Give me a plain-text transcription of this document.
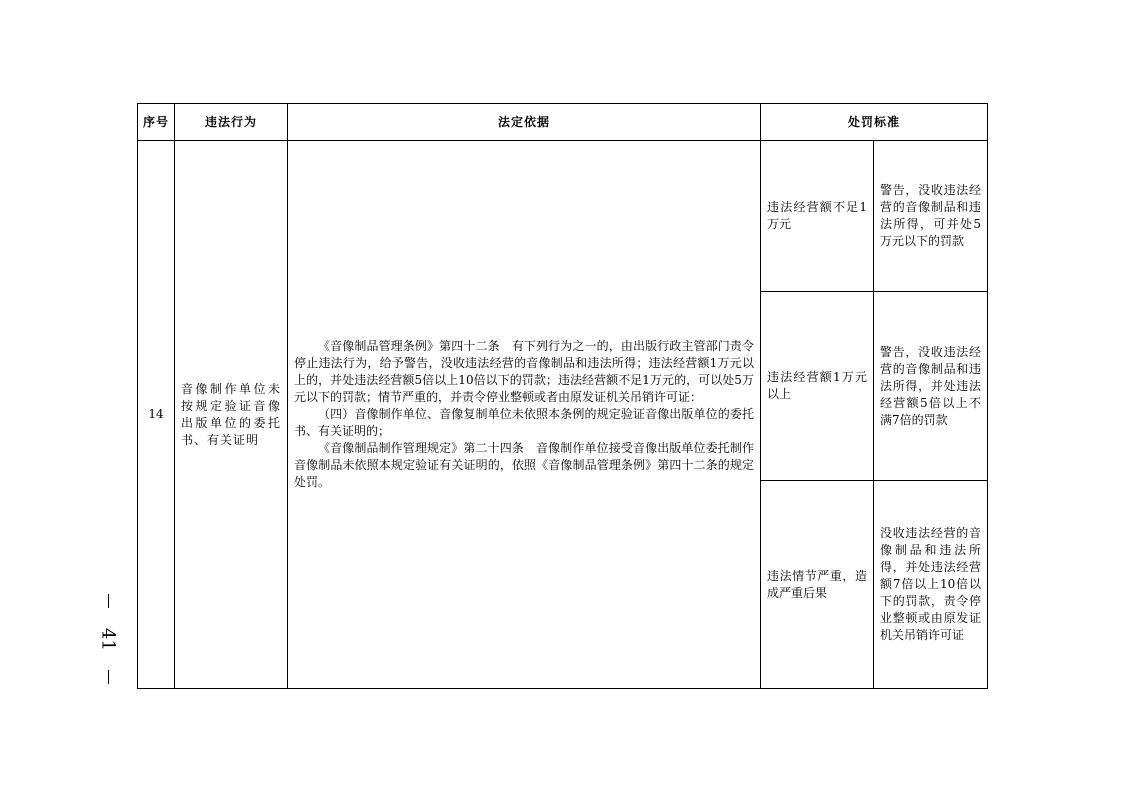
序号	违法行为	法定依据	处罚标准	
14	音像制作单位未按规定验证音像出版单位的委托书、有关证明	《音像制品管理条例》第四十二条　有下列行为之一的，由出版行政主管部门责令停止违法行为，给予警告，没收违法经营的音像制品和违法所得；违法经营额1万元以上的，并处违法经营额5倍以上10倍以下的罚款；违法经营额不足1万元的，可以处5万元以下的罚款；情节严重的，并责令停业整顿或者由原发证机关吊销许可证：

（四）音像制作单位、音像复制单位未依照本条例的规定验证音像出版单位的委托书、有关证明的；

《音像制品制作管理规定》第二十四条　音像制作单位接受音像出版单位委托制作音像制品未依照本规定验证有关证明的，依照《音像制品管理条例》第四十二条的规定处罚。	违法经营额不足1万元	警告，没收违法经营的音像制品和违法所得，可并处5万元以下的罚款
			违法经营额1万元以上	警告，没收违法经营的音像制品和违法所得，并处违法经营额5倍以上不满7倍的罚款
			违法情节严重，造成严重后果	没收违法经营的音像制品和违法所得，并处违法经营额7倍以上10倍以下的罚款，责令停业整顿或由原发证机关吊销许可证
41
